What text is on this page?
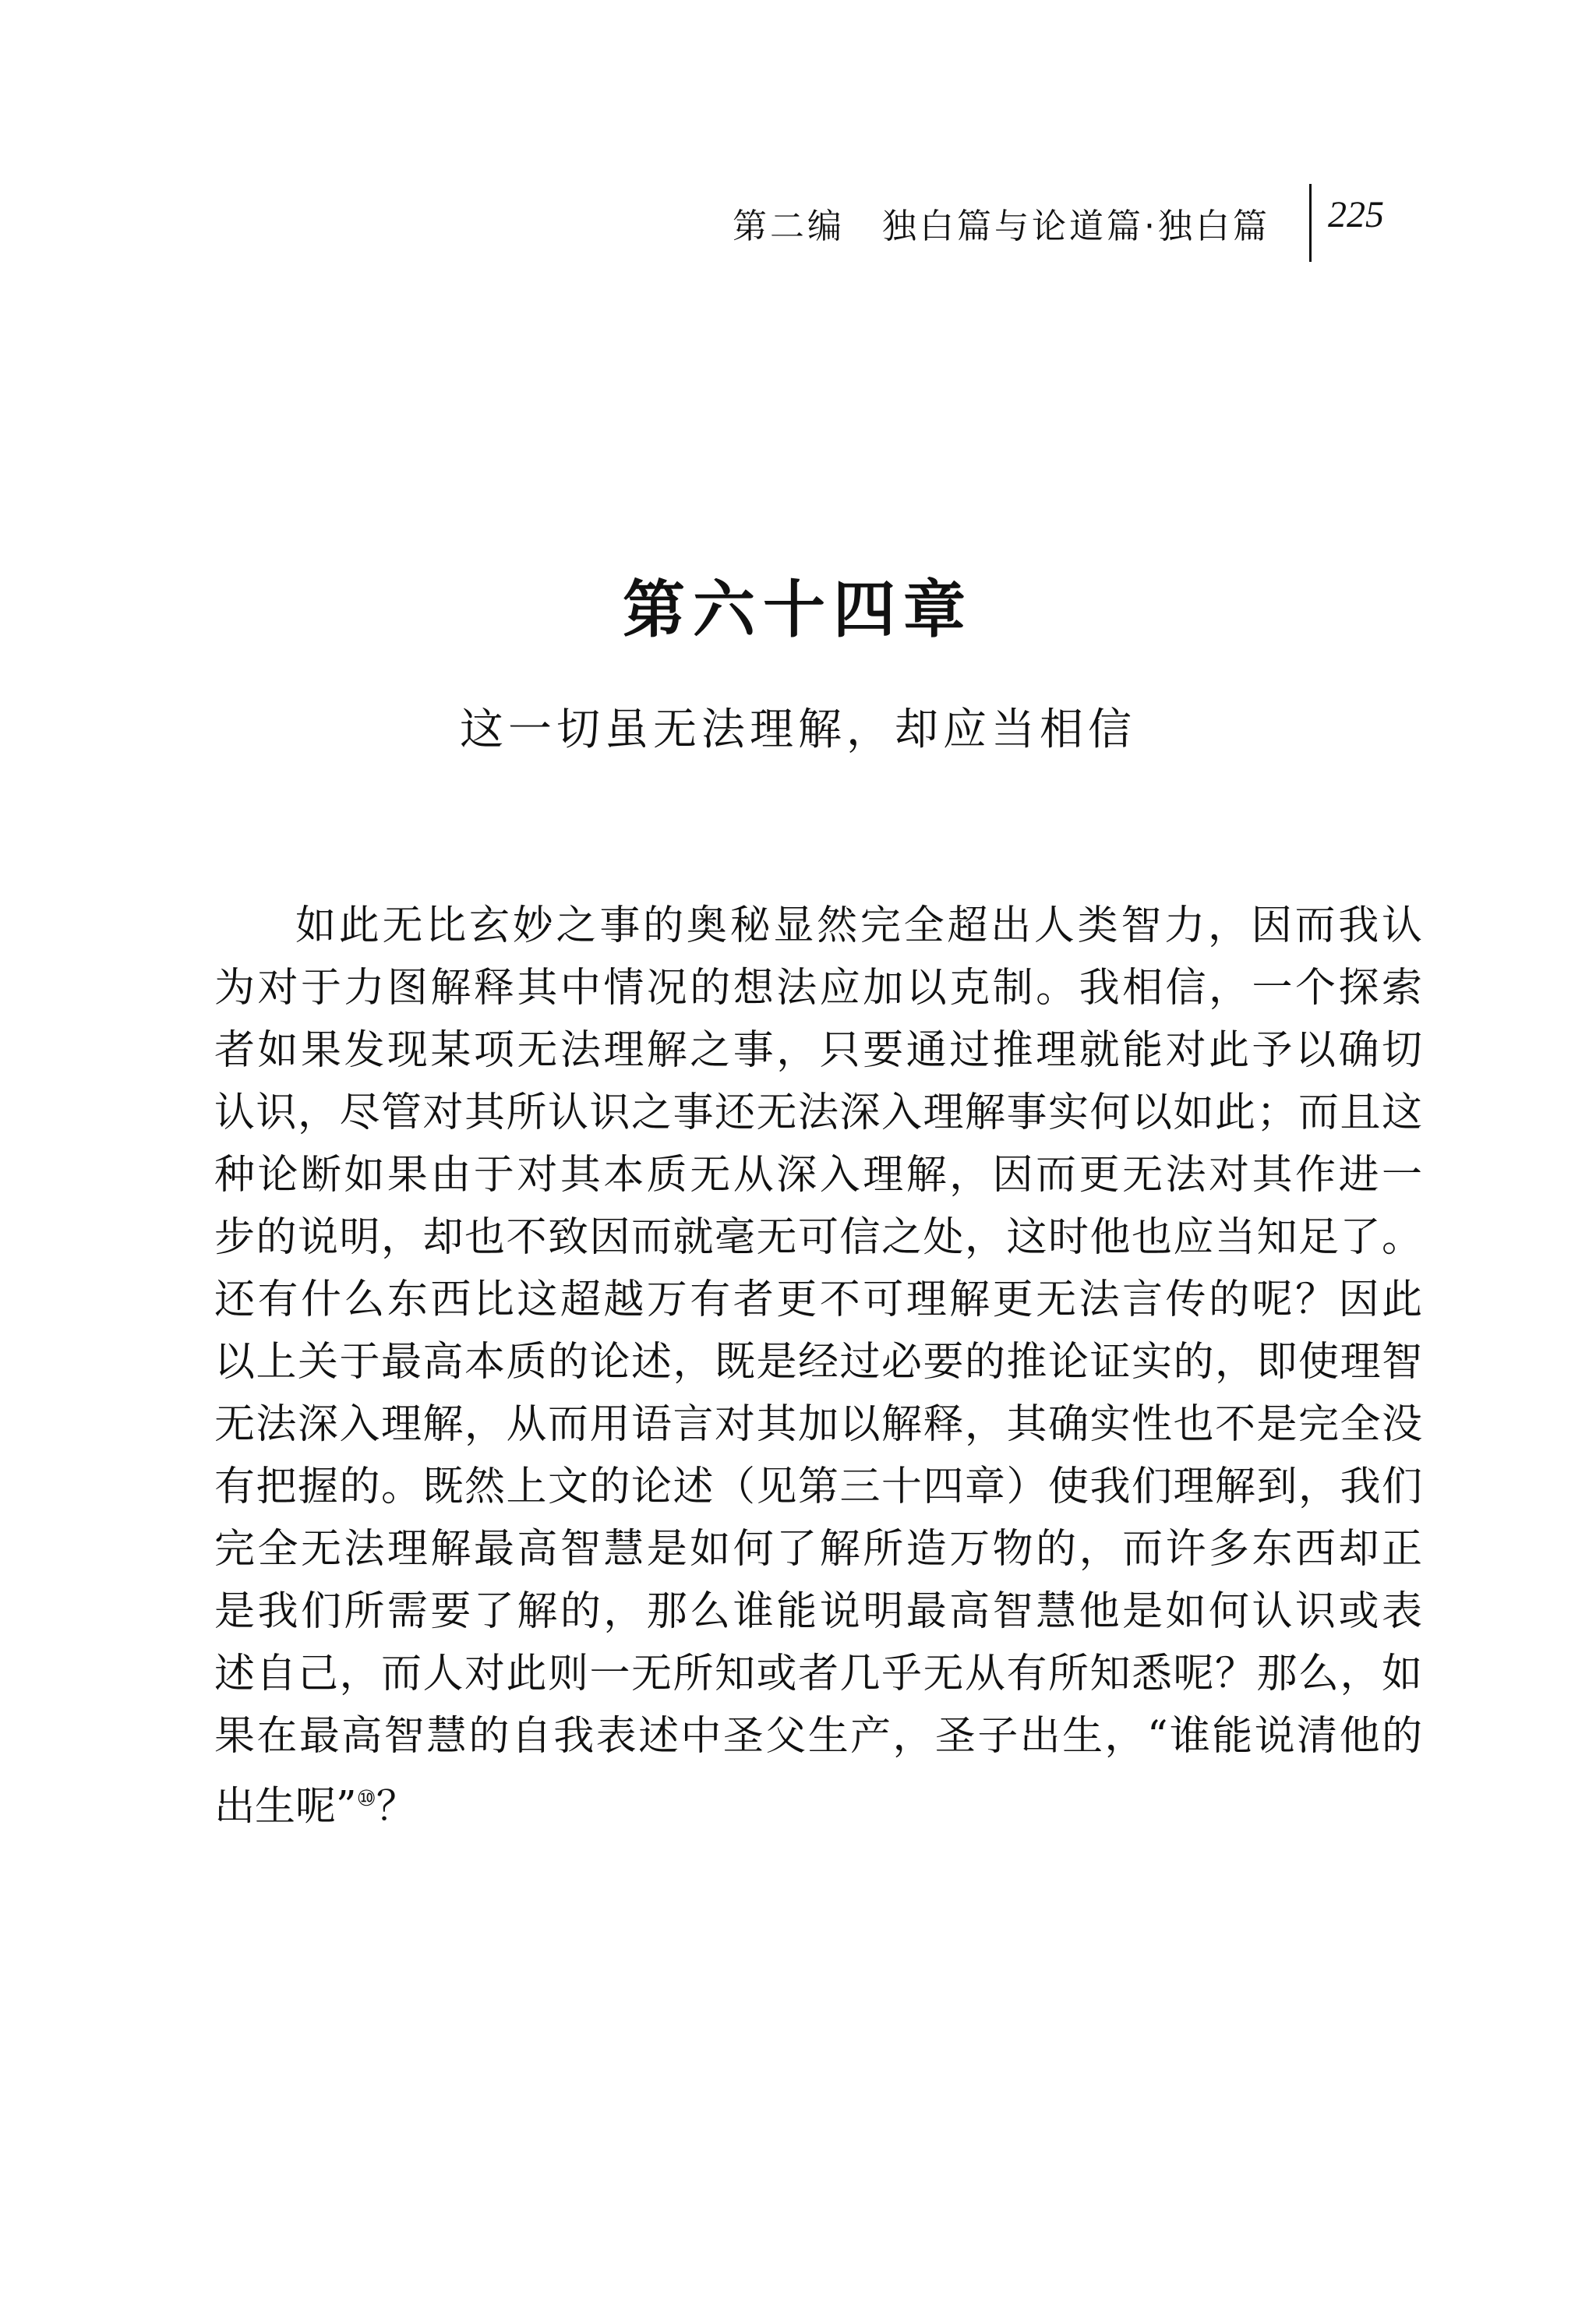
第二编　独白篇与论道篇·独白篇 225
第六十四章
这一切虽无法理解，却应当相信
如此无比玄妙之事的奥秘显然完全超出人类智力，因而我认
为对于力图解释其中情况的想法应加以克制。我相信，一个探索
者如果发现某项无法理解之事，只要通过推理就能对此予以确切
认识，尽管对其所认识之事还无法深入理解事实何以如此；而且这
种论断如果由于对其本质无从深入理解，因而更无法对其作进一
步的说明，却也不致因而就毫无可信之处，这时他也应当知足了。
还有什么东西比这超越万有者更不可理解更无法言传的呢？因此
以上关于最高本质的论述，既是经过必要的推论证实的，即使理智
无法深入理解，从而用语言对其加以解释，其确实性也不是完全没
有把握的。既然上文的论述（见第三十四章）使我们理解到，我们
完全无法理解最高智慧是如何了解所造万物的，而许多东西却正
是我们所需要了解的，那么谁能说明最高智慧他是如何认识或表
述自己，而人对此则一无所知或者几乎无从有所知悉呢？那么，如
果在最高智慧的自我表述中圣父生产，圣子出生，“谁能说清他的
出生呢”⑩？
